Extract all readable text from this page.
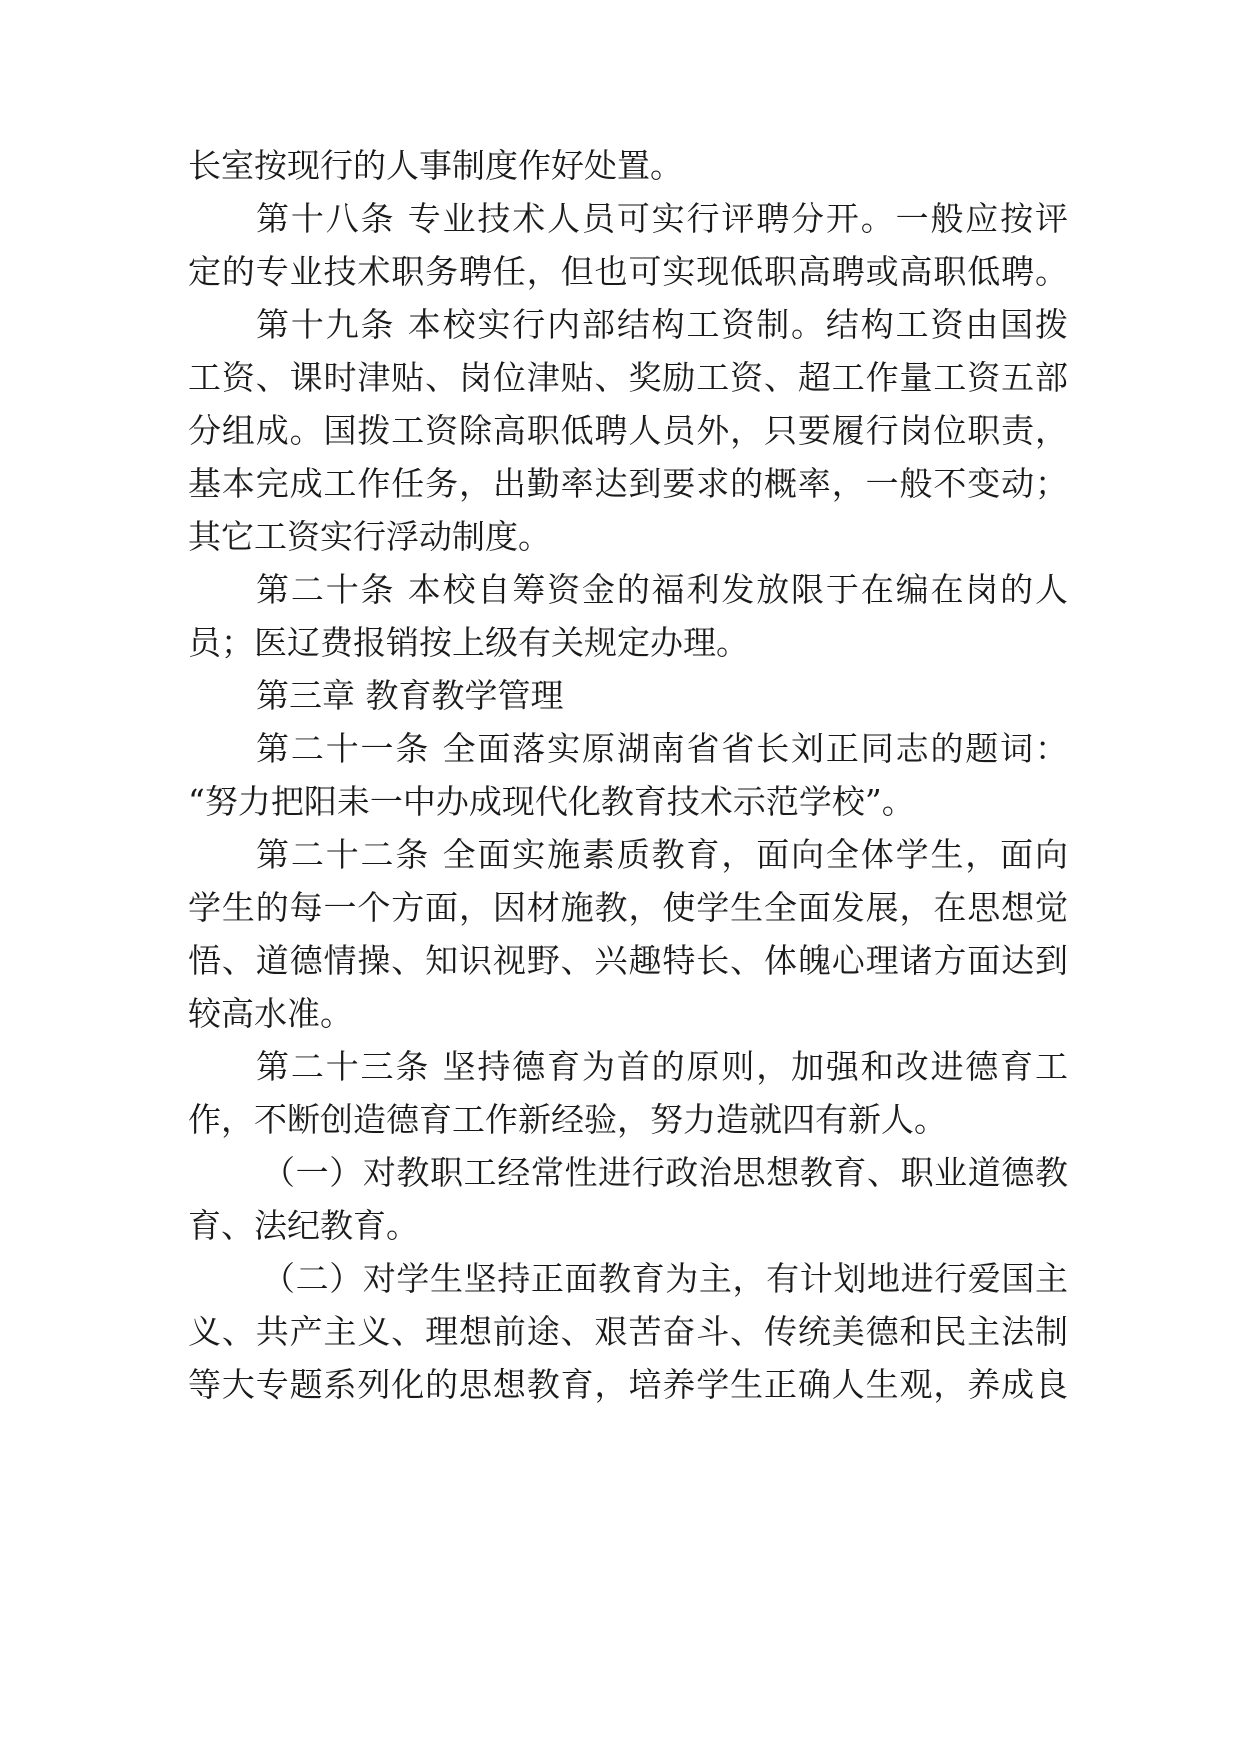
长室按现行的人事制度作好处置。
第十八条 专业技术人员可实行评聘分开。一般应按评
定的专业技术职务聘任，但也可实现低职高聘或高职低聘。
第十九条 本校实行内部结构工资制。结构工资由国拨
工资、课时津贴、岗位津贴、奖励工资、超工作量工资五部
分组成。国拨工资除高职低聘人员外，只要履行岗位职责，
基本完成工作任务，出勤率达到要求的概率，一般不变动；
其它工资实行浮动制度。
第二十条 本校自筹资金的福利发放限于在编在岗的人
员；医辽费报销按上级有关规定办理。
第三章 教育教学管理
第二十一条 全面落实原湖南省省长刘正同志的题词：
“努力把阳耒一中办成现代化教育技术示范学校”。
第二十二条 全面实施素质教育，面向全体学生，面向
学生的每一个方面，因材施教，使学生全面发展，在思想觉
悟、道德情操、知识视野、兴趣特长、体魄心理诸方面达到
较高水准。
第二十三条 坚持德育为首的原则，加强和改进德育工
作，不断创造德育工作新经验，努力造就四有新人。
（一）对教职工经常性进行政治思想教育、职业道德教
育、法纪教育。
（二）对学生坚持正面教育为主，有计划地进行爱国主
义、共产主义、理想前途、艰苦奋斗、传统美德和民主法制
等大专题系列化的思想教育，培养学生正确人生观，养成良
